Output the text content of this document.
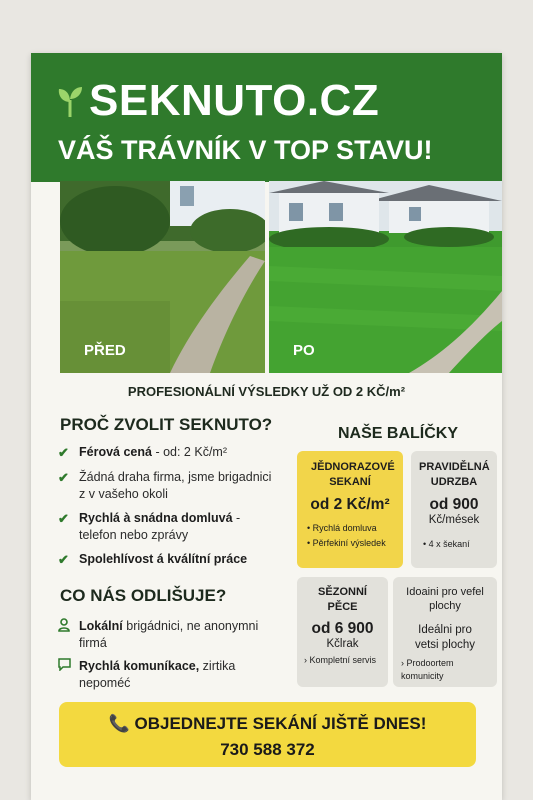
SEKNUTO.CZ
VÁŠ TRÁVNÍK V TOP STAVU!
PŘED	PO
PROFESIONÁLNÍ VÝSLEDKY UŽ OD 2 KČ/m²
PROČ ZVOLIT SEKNUTO?
✔ Férová cená - od: 2 Kč/m²
✔ Žádná draha firma, jsme brigadnici z v vašeho okoli
✔ Rychlá à snádna domluvá - telefon nebo zprávy
✔ Spolehlívost á kválítní práce
CO NÁS ODLIŠUJE?
Lokální brigádnici, ne anonymni firmá
Rychlá komuníkace, zirtika nepoméć
NAŠE BALÍČKY
JĚDNORAZOVÉ SEKANÍ
od 2 Kč/m²
• Rychlá domluva
• Pěrfekiní výsledek
PRAVIDĚLNÁ UDRZBA
od 900
Kč/mések
• 4 x šekaní
SĚZONNÍ PĚCE
od 6 900
Kčlrak
› Kompletní servis
Idoaini pro vefel plochy
Ideálni pro vetsi plochy
› Prodoortem komunicity
📞 OBJEDNEJTE SEKÁNÍ JIŠTĚ DNES!
730 588 372
